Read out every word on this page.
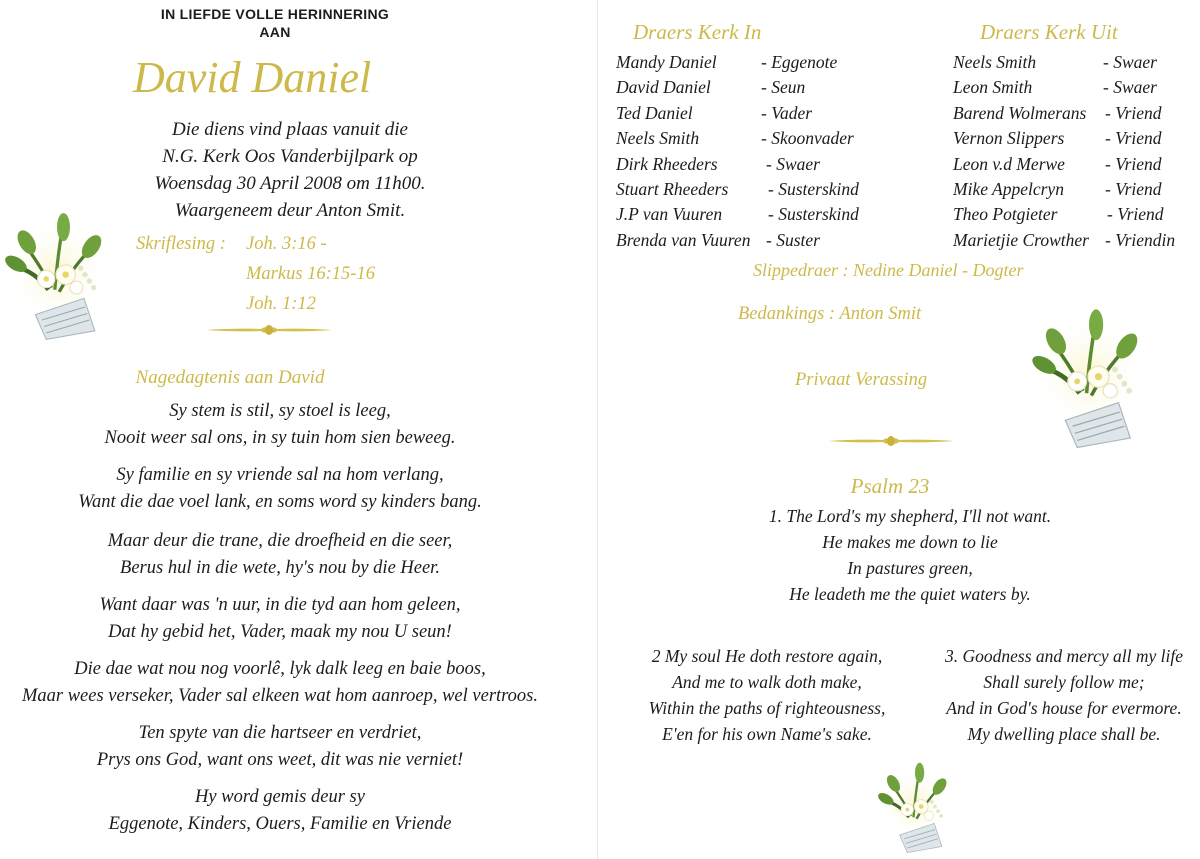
IN LIEFDE VOLLE HERINNERING
AAN
David Daniel
Die diens vind plaas vanuit die
N.G. Kerk Oos Vanderbijlpark op
Woensdag 30 April 2008 om 11h00.
Waargeneem deur Anton Smit.
Skriflesing : Joh. 3:16 -
Markus 16:15-16
Joh. 1:12
Nagedagtenis aan David
Sy stem is stil, sy stoel is leeg,
Nooit weer sal ons, in sy tuin hom sien beweeg.
Sy familie en sy vriende sal na hom verlang,
Want die dae voel lank, en soms word sy kinders bang.
Maar deur die trane, die droefheid en die seer,
Berus hul in die wete, hy's nou by die Heer.
Want daar was 'n uur, in die tyd aan hom geleen,
Dat hy gebid het, Vader, maak my nou U seun!
Die dae wat nou nog voorlê, lyk dalk leeg en baie boos,
Maar wees verseker, Vader sal elkeen wat hom aanroep, wel vertroos.
Ten spyte van die hartseer en verdriet,
Prys ons God, want ons weet, dit was nie verniet!
Hy word gemis deur sy
Eggenote, Kinders, Ouers, Familie en Vriende
Draers Kerk In	Draers Kerk Uit
Mandy Daniel	- Eggenote
David Daniel	- Seun
Ted Daniel	- Vader
Neels Smith	- Skoonvader
Dirk Rheeders	- Swaer
Stuart Rheeders - Susterskind
J.P van Vuuren	- Susterskind
Brenda van Vuuren - Suster
Neels Smith	- Swaer
Leon Smith	- Swaer
Barend Wolmerans - Vriend
Vernon Slippers - Vriend
Leon v.d Merwe - Vriend
Mike Appelcryn - Vriend
Theo Potgieter	- Vriend
Marietjie Crowther - Vriendin
Slippedraer : Nedine Daniel - Dogter
Bedankings : Anton Smit
Privaat Verassing
Psalm 23
1. The Lord's my shepherd, I'll not want.
He makes me down to lie
In pastures green,
He leadeth me the quiet waters by.
2 My soul He doth restore again,
And me to walk doth make,
Within the paths of righteousness,
E'en for his own Name's sake.
3. Goodness and mercy all my life
Shall surely follow me;
And in God's house for evermore.
My dwelling place shall be.
